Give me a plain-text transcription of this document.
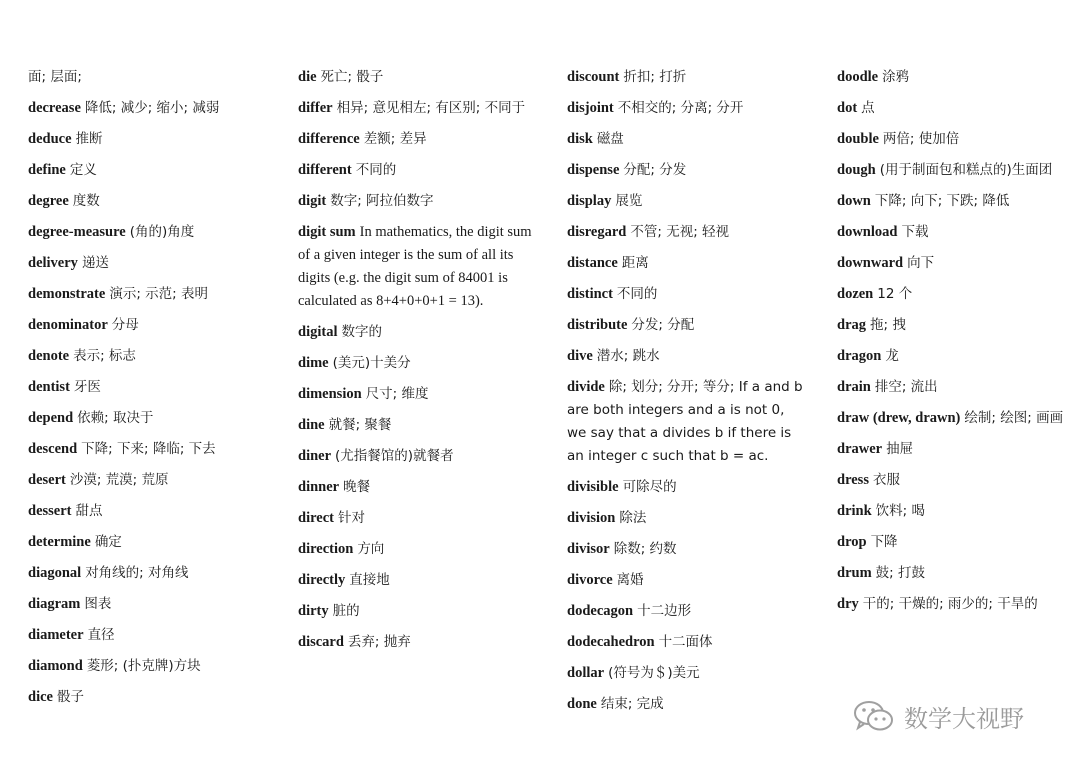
面; 层面;
decrease 降低; 减少; 缩小; 减弱
deduce 推断
define 定义
degree 度数
degree-measure (角的)角度
delivery 递送
demonstrate 演示; 示范; 表明
denominator 分母
denote 表示; 标志
dentist 牙医
depend 依赖; 取决于
descend 下降; 下来; 降临; 下去
desert 沙漠; 荒漠; 荒原
dessert 甜点
determine 确定
diagonal 对角线的; 对角线
diagram 图表
diameter 直径
diamond 菱形; (扑克牌)方块
dice 骰子
die 死亡; 骰子
differ 相异; 意见相左; 有区别; 不同于
difference 差额; 差异
different 不同的
digit 数字; 阿拉伯数字
digit sum In mathematics, the digit sum of a given integer is the sum of all its digits (e.g. the digit sum of 84001 is calculated as 8+4+0+0+1 = 13).
digital 数字的
dime (美元)十美分
dimension 尺寸; 维度
dine 就餐; 聚餐
diner (尤指餐馆的)就餐者
dinner 晚餐
direct 针对
direction 方向
directly 直接地
dirty 脏的
discard 丢弃; 抛弃
discount 折扣; 打折
disjoint 不相交的; 分离; 分开
disk 磁盘
dispense 分配; 分发
display 展览
disregard 不管; 无视; 轻视
distance 距离
distinct 不同的
distribute 分发; 分配
dive 潜水; 跳水
divide 除; 划分; 分开; 等分; If a and b are both integers and a is not 0, we say that a divides b if there is an integer c such that b = ac.
divisible 可除尽的
division 除法
divisor 除数; 约数
divorce 离婚
dodecagon 十二边形
dodecahedron 十二面体
dollar (符号为＄)美元
done 结束; 完成
doodle 涂鸦
dot 点
double 两倍; 使加倍
dough (用于制面包和糕点的)生面团
down 下降; 向下; 下跌; 降低
download 下载
downward 向下
dozen 12 个
drag 拖; 拽
dragon 龙
drain 排空; 流出
draw (drew, drawn) 绘制; 绘图; 画画
drawer 抽屉
dress 衣服
drink 饮料; 喝
drop 下降
drum 鼓; 打鼓
dry 干的; 干燥的; 雨少的; 干旱的
数学大视野
